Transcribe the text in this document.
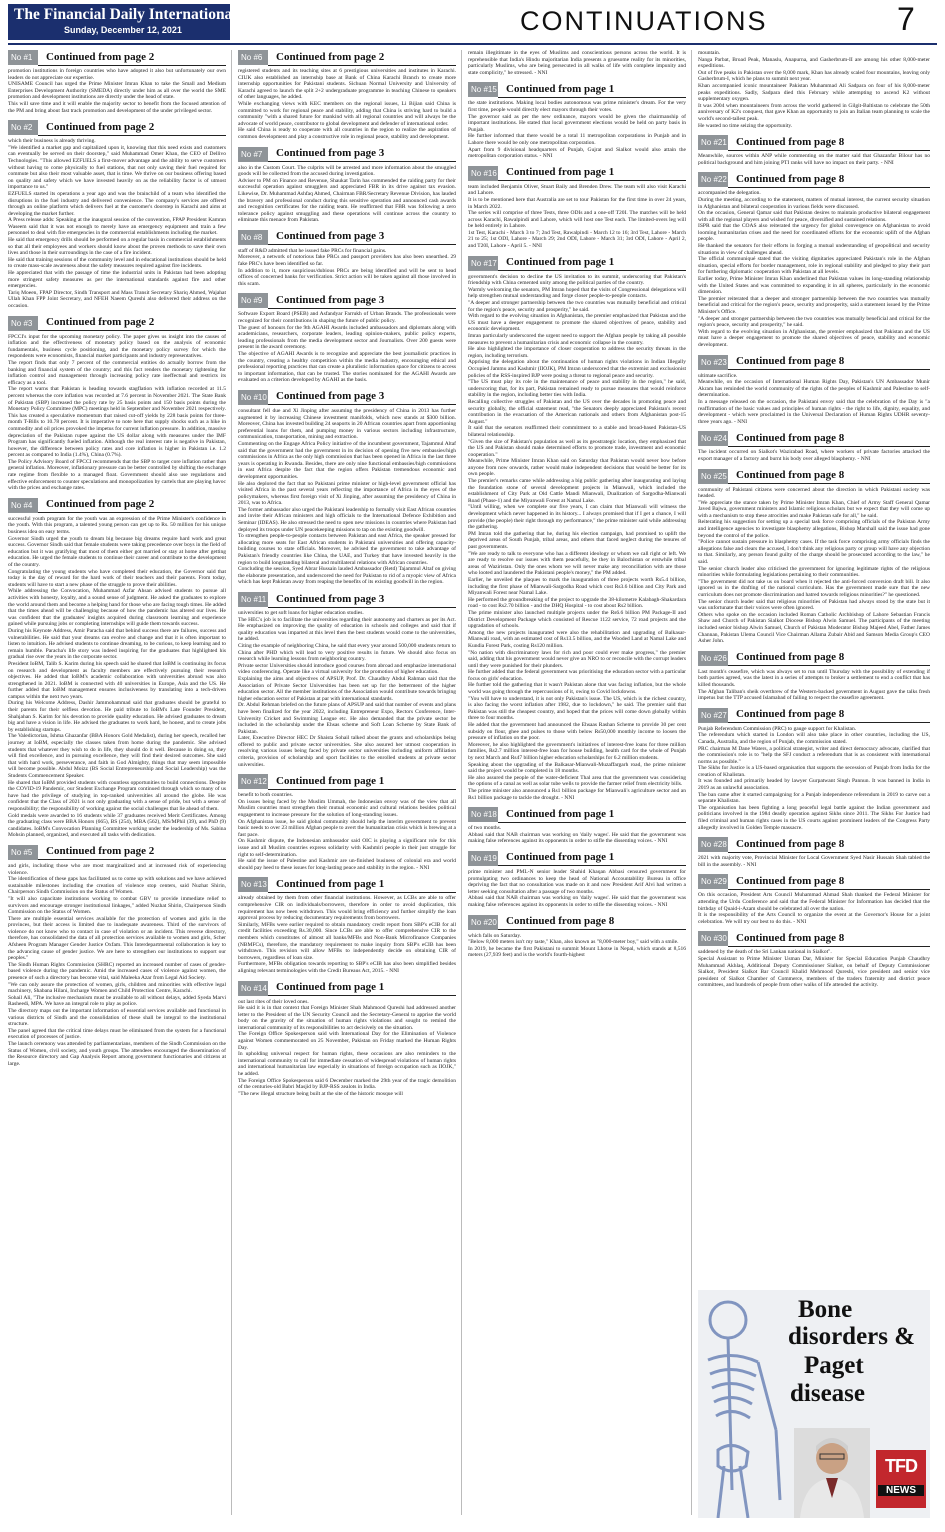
The Financial Daily International
Sunday, December 12, 2021	CONTINUATIONS	7
No #1	Continued from page 2
promotion institutions in foreign countries who have adopted it also but unfortunately our own leaders do not appreciate our expertise.
UNISAME Council has urged the Prime Minister Imran Khan to take the Small and Medium Enterprises Development Authority (SMEDA) directly under him as all over the world the SME promotion and development institutions are directly under the head of state.
This will save time and it will enable the majority sector to benefit from the focused attention of the PM and bring about fast track promotion and development of the under privileged sector.
No #2	Continued from page 2
which their business is already thriving.
"We identified a market gap and capitalized upon it, knowing that this need exists and customers can eventually be served on their doorstep," said Muhammad Omer Khan, the CEO of Dellivo Technologies. "This allowed EZFUELS a first-mover advantage and the ability to serve customers without having to come physically to fuel stations, that not only saving their fuel required for commute but also their most valuable asset, that is time. We thrive on our business offering based on quality and safety which we have invested heavily on as the reliability factor is of utmost importance to us."
EZFUELS started its operations a year ago and was the brainchild of a team who identified the disruptions in the fuel industry and delivered convenience. The company's services are offered through an online platform which delivers fuel at the customer's doorstep in Karachi and aims at developing the market further.
A Press release adds: Speaking at the inaugural session of the convention, FPAP President Kamran Waseem said that it was not enough to merely have an emergency equipment and train a few personnel to deal with fire emergencies in the commercial establishments including the market.
He said that emergency drills should be performed on a regular basis in commercial establishments so that all their employees and workers should know about the proven methods to save their own lives and those in their surroundings in the case of a fire incident.
He said that training sessions of the community level and in educational institutions should be held to create mass-scale awareness about the safety measures required against fire incidents.
He appreciated that with the passage of time the industrial units in Pakistan had been adopting more stringent safety measures as per the international standards against fire and other emergencies.
Tariq Moeen, FPAP Director, Sindh Transport and Mass Transit Secretary Shariq Ahmed, Wajahat Ullah Khan FPP Joint Secretary, and NFEH Naeem Qureshi also delivered their address on the occasion.
No #3	Continued from page 2
FPCCI's input for the upcoming monetary policy. The paper gives us insight into the causes of inflation and the effectiveness of monetary policy based on the analysis of economic fundamentals, business cycle positioning, and the monetary policy survey for which the respondents were economists, financial market participants and industry representatives.
The report finds that only 7 percent of the commercial entities do actually borrow from the banking and financial system of the country; and this fact renders the monetary tightening for inflation control and management through increasing policy rate ineffectual and restricts its efficacy as a tool.
The report warns that Pakistan is heading towards stagflation with inflation recorded at 11.5 percent whereas the core inflation was recorded at 7.6 percent in November 2021. The State Bank of Pakistan (SBP) increased the policy rate by 25 basis points and 150 basis points during the Monetary Policy Committee (MPC) meetings held in September and November 2021 respectively. This has created a speculative momentum that raised cut-off yields by 228 basis points for three-month T-Bills to 10.78 percent. It is imperative to note here that supply shocks such as a hike in commodity and oil prices provoked the impetus for current inflation pressure. In addition, massive depreciation of the Pakistan rupee against the US dollar along with measures under the IMF Program has significantly fueled inflation. Although the real interest rate is negative in Pakistan, however, the difference between policy rates and core inflation is higher in Pakistan i.e. 1.2 percent as compared to India (1.4%), China (0.7%).
The Policy Advisory Board of FPCCI recommends that the SBP to target core inflation rather than general inflation. Moreover, inflationary pressure can be better controlled by shifting the exchange rate regime from flexible to a managed float. Government should also use regulations and effective enforcement to counter speculations and monopolization by cartels that are playing havoc with the prices and exchange rates.
No #4	Continued from page 2
successful youth program for the youth was an expression of the Prime Minister's confidence in the youth. With this program, a talented young person can get up to Rs. 50 million for his unique business idea on easy terms.
Governor Sindh urged the youth to dream big because big dreams require hard work and great success. Governor Sindh said that female students were taking precedence over boys in the field of education but it was gratifying that most of them either got married or stay at home after getting education. He urged the female students to continue their career and contribute to the development of the country.
Congratulating the young students who have completed their education, the Governor said that today is the day of reward for the hard work of their teachers and their parents. From today, students will have to start a new phase of the struggle to prove their abilities.
While addressing the Convocation, Muhammad Azfar Ahsan advised students to pursue all activities with honesty, loyalty, and a sound sense of judgment. He asked the graduates to explore the world around them and become a helping hand for those who are facing tough times. He added that the times ahead will be challenging because of how the pandemic has altered our lives. He was confident that the graduates' insights acquired during classroom learning and experience gained while pursuing jobs or completing internships will guide them towards success.
During his Keynote Address, Amir Paracha said that behind success there are failures, success and vulnerabilities. He said that your dreams can evolve and change and that it is often important to listen to intuition. He advised students to continue dreaming, to be curious, to keep learning and to remain humble. Paracha's life story was indeed inspiring for the graduates that highlighted his gradual rise over the years in the corporate sector.
President IoBM, Talib S. Karim during his speech said he shared that IoBM is continuing its focus on research and development as faculty members are effectively pursuing their research objectives. He added that IoBM's academic collaboration with universities abroad was also strengthened in 2021. IoBM is connected with 40 universities in Europe, Asia and the US. He further added that IoBM management ensures inclusiveness by translating into a tech-driven campus within the next two years.
During his Welcome Address, Dashir Jammohammad said that graduates should be grateful to their parents for their selfless devotion. He paid tribute to IoBM's Late Founder President, Shahjahan S. Karim for his devotion to provide quality education. He advised graduates to dream big and have a vision in life. He advised the graduates to work hard, be honest, and to create jobs by establishing startups.
The Valedictorian, Ishma Ghazanfar (BBA Honors Gold Medalist), during her speech, recalled her journey at IoBM, especially the classes taken from home during the pandemic. She advised students that whatever they wish to do in life, they should do it well. Because in doing so, they will find excellence, and in pursuing excellence, they will find their desired outcomes. She said that with hard work, perseverance, and faith in God Almighty, things that may seem impossible will become possible. Abdul Moizz (BS Social Entrepreneurship and Social Leadership) was the Students Commencement Speaker.
He shared that IoBM provided students with countless opportunities to build connections. Despite the COVID-19 Pandemic, our Student Exchange Program continued through which so many of us have had the privilege of studying in top-ranked universities all around the globe. He was confident that the Class of 2021 is not only graduating with a sense of pride, but with a sense of responsibility; the responsibility of working against the social challenges that lie ahead of them.
Gold medals were awarded to 16 students while 37 graduates received Merit Certificates. Among the graduating class were BBA Honors (665), BS (254), MBA (562), MS/MPhil (39), and PhD (9) candidates. IoBM's Convocation Planning Committee working under the leadership of Ms. Sabina Mohsin planned, organized, and executed all tasks with dedication.
No #5	Continued from page 2
and girls, including those who are most marginalized and at increased risk of experiencing violence.
The identification of these gaps has facilitated us to come up with solutions and we have achieved sustainable milestones including the creation of violence stop centers, said Nuzhat Shirin, Chairperson Sindh Commission on the Status of Women.
"It will also capacitate institutions working to combat GBV to provide immediate relief to survivors and encourage stronger institutional linkages," added Nuzhat Shirin, Chairperson Sindh Commission on the Status of Women.
There are multiple essential services available for the protection of women and girls in the provinces, but their access is limited due to inadequate awareness. Third of the survivors of violence do not know who to contact in case of violation or an incident. This reverse directory, therefore, has consolidated the data of all protection services available to women and girls, Scher Afsheen Program Manager Gender Justice Oxfam. This Interdepartmental collaboration is key to the advancing cause of gender justice. We are here to strengthen our institutions to support our peoples."
The Sindh Human Rights Commission (SHRC) reported an increased number of cases of gender-based violence during the pandemic. Amid the increased cases of violence against women, the presence of such a directory has become vital, said Maleeka Azar from Legal Aid Society.
"We can only assure the protection of women, girls, children and minorities with effective legal machinery, Shabana Hilani, Incharge Women and Child Protection Centre, Karachi.
Sohail Ali, "The inclusive mechanism must be available to all without delays, added Syeda Marvi Rasheedi, MPA. We have an integral role to play as police.
The directory maps out the important information of essential services available and functional in various districts of Sindh and the consolidation of these shall be integral to the institutional structure.
The panel agreed that the critical time delays must be eliminated from the system for a functional execution of processes of justice.
The launch ceremony was attended by parliamentarians, members of the Sindh Commission on the Status of Women, civil society, and youth groups. The attendees encouraged the dissemination of the Resource directory and Gap Analysis Report among government functionaries and citizens at large.
No #6	Continued from page 2
registered students and its teaching sites at 6 prestigious universities and institutes in Karachi. CIUK also established an internship base at Bank of China Karachi Branch to create more internship opportunities for Pakistani students. Sichuan Normal University and University of Karachi agreed to launch the split 2+2 undergraduate programme in teaching Chinese to speakers of other languages, he added.
While exchanging views with KEC members on the regional issues, Li Bijian said China is committed to work for regional peace and stability, adding that China is striving hard to build a community "with a shared future for mankind with all regional countries and will always be the advocate of world peace, contributor to global development and defender of international order.
He said China is ready to cooperate with all countries in the region to realize the aspiration of common development and play a constructive role in regional peace, stability and development.
No #7	Continued from page 3
also in the Custom Court. The culprits will be arrested and more information about the smuggled goods will be collected from the accused during investigation.
Adviser to PM on Finance and Revenue, Shaukat Tarin has commended the raiding party for their successful operation against smugglers and appreciated FBR in its drive against tax evasion. Likewise, Dr. Muhammad Ashfaq Ahmed, Chairman FBR/Secretary Revenue Division, has lauded the bravery and professional conduct during this sensitive operation and announced cash awards and recognition certificates for the raiding team. He reaffirmed that FBR was following a zero tolerance policy against smuggling and these operations will continue across the country to eliminate this menace from Pakistan.
No #8	Continued from page 3
staff of R&D admitted that he issued fake PRCs for financial gains.
Moreover, a network of notorious fake PRCs and passport providers has also been unearthed. 29 fake PRC's have been identified so far.
In addition to it, more suspicious/dubious PRCs are being identified and will be sent to head offices of concerned banks for verification. Strict action will be taken against all those involved in this scam.
No #9	Continued from page 3
Software Export Board (PSEB) and Asfandyar Farrukh of Urban Brands. The professionals were recognized for their contributions in shaping the future of public policy.
The guest of honours for the 9th AGAHI Awards included ambassadors and diplomats along with academicians, researchers, corporate leaders, leading opinion-makers, public policy experts, leading professionals from the media development sector and Journalists. Over 200 guests were present in the award ceremony.
The objective of AGAHI Awards is to recognize and appreciate the best journalistic practices in the country, creating a healthy competition within the media industry, encouraging ethical and professional reporting practices that can create a pluralistic information space for citizens to access to important information, that can be trusted. The stories nominated for the AGAHI Awards are evaluated on a criterion developed by AGAHI as the basis.
No #10 Continued from page 3
consultant fell due and Xi Jinping after assuming the presidency of China in 2013 has further augmented it by increasing Chinese investment manifolds, which now stands at $300 billion. Moreover, China has invested building 24 seaports in 20 African countries apart from apportioning preferential loans for them, and pumping money in various sectors including infrastructure, communication, transportation, mining and extraction.
Commenting on the Engage Africa Policy initiative of the incumbent government, Tajammul Altaf said that the government had the government in its decision of opening five new embassies/high commissions in Africa as the only high commission that has been opened in Africa in the last three years is operating in Rwanda. Besides, there are only nine functional embassies/high commissions in east Africa despite the fact that the region offers Pakistan tremendous economic and development opportunities.
He also deplored the fact that no Pakistani prime minister or high-level government official has visited Africa in the past several years reflecting the importance of Africa in the eyes of the policymakers, whereas first foreign visit of Xi Jinping, after assuming the presidency of China in 2013, was to Africa.
The former ambassador also urged the Pakistani leadership to formally visit East African countries and invite their African ministers and high officials to the International Defence Exhibition and Seminar (IDEAS). He also stressed the need to open new missions in countries where Pakistan had deployed its troops under UN peacekeeping missions to tap on the existing goodwill.
To strengthen people-to-people contacts between Pakistan and east Africa, the speaker pressed for allocating more seats for East African students in Pakistani universities and offering capacity-building courses to state officials. Moreover, he advised the government to take advantage of Pakistan's friendly countries like China, the UAE, and Turkey that have invested heavily in the region to build longstanding bilateral and multilateral relations with African countries.
Concluding the session, Syed Abrar Hussain lauded Ambassador (Retd) Tajammul Altaf on giving the elaborate presentation, and underscored the need for Pakistan to rid of a myopic view of Africa which has kept Pakistan away from reaping the benefits of its existing goodwill in the region.
No #11 Continued from page 3
universities to get soft loans for higher education studies.
The HEC's job is to facilitate the universities regarding their autonomy and charters as per its Act. He emphasized on improving the quality of education in schools and colleges and said that if quality education was imparted at this level then the best students would come to the universities, he added.
Citing the example of neighboring China, he said that every year around 500,000 students return to China after PHD which will lead to very positive results in future. We should also focus on research while learning lessons from neighboring country.
Private sector Universities should introduce good courses from abroad and emphasize international video conferencing. Operate like a virtual university for the promotion of higher education.
Explaining the aims and objectives of APSUP, Prof. Dr. Chaudhry Abdul Rahman said that the Association of Private Sector Universities has been set up for the betterment of the higher education sector. All the member institutions of the Association would contribute towards bringing higher education sector of Pakistan at par with international standards.
Dr. Abdul Rehman briefed on the future plans of APSUP and said that number of events and plans have been finalized for the year 2022, including Entrepreneur Expo, Rectors Conference, Inter-University Cricket and Swimming League etc. He also demanded that the private sector be included in the scholarship under the Ehsas scheme and Soft Loan Scheme by State Bank of Pakistan.
Later, Executive Director HEC Dr Shaista Sohail talked about the grants and scholarships being offered to public and private sector universities. She also assured her utmost cooperation in resolving various issues being faced by private sector universities including uniform affiliation criteria, provision of scholarship and sport facilities to the enrolled students at private sector universities.
No #12 Continued from page 1
benefit to both countries.
On issues being faced by the Muslim Ummah, the Indonesian envoy was of the view that all Muslim countries must strengthen their mutual economic and cultural relations besides political engagement to increase pressure for the solution of long-standing issues.
On Afghanistan issue, he said global community should help the interim government to prevent basic needs to over 23 million Afghan people to avert the humanitarian crisis which is brewing at a fast pace.
On Kashmir dispute, the Indonesian ambassador said OIC is playing a significant role for this issue and all Muslim countries express solidarity with Kashmiri people in their just struggle for right to self-determination.
He said the issue of Palestine and Kashmir are un-finished business of colonial era and world should pay heed to these issues for long-lasting peace and stability in the region. - NNI
No #13 Continued from page 1
already obtained by them from other financial institutions. However, as LCBs are able to offer comprehensive CIR on individuals/borrowers, therefore in order to avoid duplication, this requirement has now been withdrawn. This would bring efficiency and further simplify the loan approval process by reducing documentary requirements from borrowers.
Similarly, MFBs were earlier required to obtain mandatory credit report from SBP's eCIB for all credit facilities exceeding Rs.30,000. Since LCBs are able to offer comprehensive CIR to the members which constitutes of almost all banks/MFBs and Non-Bank Microfinance Companies (NBMFCs), therefore, the mandatory requirement to make inquiry from SBP's eCIB has been withdrawn. This revision will allow MFBs to independently decide on obtaining CIR of borrowers, regardless of loan size.
Furthermore, MFBs obligation towards reporting to SBP's eCIB has also been simplified besides aligning relevant terminologies with the Credit Bureaus Act, 2015. - NNI
No #14 Continued from page 1
out last rites of their loved ones.
He said it is in that context that Foreign Minister Shah Mahmood Qureshi had addressed another letter to the President of the UN Security Council and the Secretary-General to apprise the world body on the gravity of the situation of human rights violations and sought to remind the international community of its responsibilities to act decisively on the situation.
The Foreign Office Spokesperson said with International Day for the Elimination of Violence against Women commemorated on 25 November, Pakistan on Friday marked the Human Rights Day.
In upholding universal respect for human rights, these occasions are also reminders to the international community to call for immediate cessation of widespread violations of human rights and international humanitarian law especially in situations of foreign occupation such as IIOJK," he added.
The Foreign Office Spokesperson said 6 December marked the 29th year of the tragic demolition of the centuries-old Babri Masjid by BJP-RSS zealots in India.
"The new illegal structure being built at the site of the historic mosque will
remain illegitimate in the eyes of Muslims and conscientious persons across the world. It is reprehensible that India's Hindu majoritarian India presents a gruesome reality for its minorities, particularly Muslims, who are being persecuted in all walks of life with complete impunity and state complicity," he stressed. - NNI
No #15 Continued from page 1
the state institutions. Making local bodies autonomous was prime minister's dream. For the very first time, people would directly elect mayors through their votes.
The governor said as per the new ordinance, mayors would be given the chairmanship of important institutions. He stated that local government elections would be held on party basis in Punjab.
He further informed that there would be a total 11 metropolitan corporations in Punjab and in Lahore there would be only one metropolitan corporation.
Apart from 9 divisional headquarters of Punjab, Gujrat and Sialkot would also attain the metropolitan corporation status. - NNI
No #16 Continued from page 1
team included Benjamin Oliver, Stuart Baily and Brenden Drew. The team will also visit Karachi and Lahore.
It is to be mentioned here that Australia are set to tour Pakistan for the first time in over 24 years, in March 2022.
The series will comprise of three Tests, three ODIs and a one-off T20I. The matches will be held across Karachi, Rawalpindi and Lahore, which will host one Test each. The limited-overs leg will be held entirely in Lahore.
1st Test, Karachi - March 3 to 7; 2nd Test, Rawalpindi - March 12 to 16; 3rd Test, Lahore - March 21 to 25; 1st ODI, Lahore - March 29; 2nd ODI, Lahore - March 31; 3rd ODI, Lahore - April 2, and T20I, Lahore - April 5. - NNI
No #17 Continued from page 1
government's decision to decline the US invitation to its summit, underscoring that Pakistan's friendship with China cemented unity among the political parties of the country.
Warmly welcoming the senators, PM Imran hoped that the visits of Congressional delegations will help strengthen mutual understanding and forge closer people-to-people contacts.
"A deeper and stronger partnership between the two countries was mutually beneficial and critical for the region's peace, security and prosperity," he said.
With regard to the evolving situation in Afghanistan, the premier emphasized that Pakistan and the US must have a deeper engagement to promote the shared objectives of peace, stability and economic development.
Imran particularly underscored the urgent need to support the Afghan people by taking all possible measures to prevent a humanitarian crisis and economic collapse in the country.
He also highlighted the importance of closer cooperation to address the security threats in the region, including terrorism.
Apprising the delegation about the continuation of human rights violations in Indian Illegally Occupied Jammu and Kashmir (IIOJK), PM Imran underscored that the extremist and exclusionist policies of the RSS-inspired BJP were posing a threat to regional peace and security.
"The US must play its role in the maintenance of peace and stability in the region," he said, underscoring that, for its part, Pakistan remained ready to pursue measures that would reinforce stability in the region, including better ties with India.
Recalling collective struggles of Pakistan and the US over the decades in promoting peace and security globally, the official statement read, "the Senators deeply appreciated Pakistan's recent contribution in the evacuation of the American nationals and others from Afghanistan post-15 August."
It said that the senators reaffirmed their commitment to a stable and broad-based Pakistan-US bilateral relationship.
"Given the size of Pakistan's population as well as its geostrategic location, they emphasized that the US and Pakistan should make determined efforts to promote trade, investment and economic cooperation."
Meanwhile, Prime Minister Imran Khan said on Saturday that Pakistan would never bow before anyone from now onwards, rather would make independent decisions that would be better for its own people.
The premier's remarks came while addressing a big public gathering after inaugurating and laying the foundation stone of several development projects in Mianwali, which included the establishment of City Park at Old Cattle Mandi Mianwali, Dualization of Sargodha-Mianwali Road (Phase-1) and the Miyanwali Forest at Namal Lake.
"Until willing, when we complete our five years, I can claim that Mianwali will witness the development which never happened in its history... I always promised that if I get a chance, I will provide (the people) their right through my performance," the prime minister said while addressing the gathering.
PM Imran told the gathering that he, during his election campaign, had promised to uplift the deprived areas of South Punjab, tribal areas, and others that faced neglect during the tenures of past governments.
"We are ready to talk to everyone who has a different ideology or whom we call right or left. We are ready to resolve our issues with them peacefully, be they in Balochistan or erstwhile tribal areas of Waziristan. Only the ones whom we will never make any reconciliation with are those who looted and laundered the Pakistani people's money," the PM added.
Earlier, he unveiled the plaques to mark the inauguration of three projects worth Rs5.4 billion, including the first phase of Mianwali-Sargodha Road which cost Rs3.6 billion and City Park and Miyanwali Forest near Namal Lake.
He performed the groundbreaking of the project to upgrade the 38-kilometre Kalabagh-Shakardara road - to cost Rs2.70 billion - and the DHQ Hospital - to cost about Rs2 billion.
The prime minister also launched multiple projects under the Rs6.6 billion PM Package-II and District Development Package which consisted of Rescue 1122 service, 72 road projects and the upgradation of schools.
Among the new projects inaugurated were also the rehabilitation and upgrading of Balkasar-Mianwali road, with an estimated cost of Rs13.5 billion, and the Wooded Land at Namal Lake and Kundia Forest Park, costing Rs120 million.
"No nation with discriminatory laws for rich and poor could ever make progress," the premier said, adding that his government would never give an NRO to or reconcile with the corrupt leaders until they were punished for their plunders.
He further added that the federal government was prioritising the education sector with a particular focus on girls' education.
He further told the gathering that it wasn't Pakistan alone that was facing inflation, but the whole world was going through the repercussions of it, owing to Covid lockdowns.
"You will have to understand, it is not only Pakistan's issue. The US, which is the richest country, is also facing the worst inflation after 1982, due to lockdown," he said. The premier said that Pakistan was still the cheapest country, and hoped that the prices will come down globally within three to four months.
He added that the government had announced the Ehsaas Rashan Scheme to provide 30 per cent subsidy on flour, ghee and pulses to those with below Rs50,000 monthly income to loosen the pressure of inflation on the poor.
Moreover, he also highlighted the government's initiatives of interest-free loans for three million families, Rs2.7 million interest-free loan for house building, health card for the whole of Punjab by next March and Rs47 billion higher education scholarships for 6.2 million students.
Speaking about the upgrading of the Balkasar-Mianwali-Muzaffargarh road, the prime minister said the project would be completed in 18 months.
He also assured the people of the water-deficient Thal area that the government was considering the options of a canal as well as solar tube wells to provide the farmer relief from electricity bills.
The prime minister also announced a Rs1 billion package for Mianwali's agriculture sector and an Rs1 billion package to tackle the drought. - NNI
No #18 Continued from page 1
of two months.
Abbasi said that NAB chairman was working on 'daily wages'. He said that the government was making false references against its opponents in order to stifle the dissenting voices. - NNI
No #19 Continued from page 1
prime minister and PML-N senior leader Shahid Khaqan Abbasi censured government for promulgating two ordinances to keep the head of National Accountability Bureau in office depriving the fact that no consultation was made on it and now President Arif Alvi had written a letter seeking consultation after a passage of two months.
Abbasi said that NAB chairman was working on 'daily wages'. He said that the government was making false references against its opponents in order to stifle the dissenting voices. - NNI
No #20 Continued from page 8
which falls on Saturday.
"Below 8,000 meters isn't my taste," Khan, also known as "8,000-meter boy," said with a smile.
In 2019, he became the first Pakistani to summit Mount Lhotse in Nepal, which stands at 8,516 meters (27,939 feet) and is the world's fourth-highest
mountain.
Nanga Parbat, Broad Peak, Manaslu, Anapurna, and Gasherbrum-II are among his other 8,000-meter expeditions.
Out of five peaks in Pakistan over the 8,000 mark, Khan has already scaled four mountains, leaving only Gasherbrum-I, which he plans to summit next year.
Khan accompanied iconic mountaineer Pakistan Muhammad Ali Sadpara on four of his 8,000-meter peaks expeditions. Sadly, Sadpara died this February while attempting to ascend K2 without supplementary oxygen.
It was 2004 when mountaineers from across the world gathered in Gilgit-Baltistan to celebrate the 50th anniversary of K2's conquest, that gave Khan an opportunity to join an Italian team planning to scale the world's second-tallest peak.
He wasted no time seizing the opportunity.
No #21 Continued from page 8
Meanwhile, sources within ANP while commenting on the matter said that Ghazanfar Bilour has no political background and him joining PTI ranks will have no impact on their party. - NNI
No #22 Continued from page 8
accompanied the delegation.
During the meeting, according to the statement, matters of mutual interest, the current security situation in Afghanistan and bilateral cooperation in various fields were discussed.
On the occasion, General Qamar said that Pakistan desires to maintain productive bilateral engagement with all the regional players and wished for peace, diversified and sustained relations.
ISPR said that the COAS also reiterated the urgency for global convergence on Afghanistan to avoid looming humanitarian crises and the need for coordinated efforts for the economic uplift of the Afghan people.
He thanked the senators for their efforts in forging a mutual understanding of geopolitical and security situations in view of challenges ahead.
The official communiqué stated that the visiting dignitaries appreciated Pakistan's role in the Afghan situation, special efforts for border management, role in regional stability and pledged to play their part for furthering diplomatic cooperation with Pakistan at all levels.
Earlier today, Prime Minister Imran Khan underlined that Pakistan values its long-standing relationship with the United States and was committed to expanding it in all spheres, particularly in the economic dimension.
The premier reiterated that a deeper and stronger partnership between the two countries was mutually beneficial and critical for the region's peace, security and prosperity, said a statement issued by the Prime Minister's Office.
"A deeper and stronger partnership between the two countries was mutually beneficial and critical for the region's peace, security and prosperity," he said.
With regard to the evolving situation in Afghanistan, the premier emphasized that Pakistan and the US must have a deeper engagement to promote the shared objectives of peace, stability and economic development.
No #23 Continued from page 8
ultimate sacrifice.
Meanwhile, on the occasion of International Human Rights Day, Pakistan's UN Ambassador Munir Akram has reminded the world community of the rights of the peoples of Kashmir and Palestine to self-determination.
In a message released on the occasion, the Pakistani envoy said that the celebration of the Day is "a reaffirmation of the basic values and principles of human rights - the right to life, dignity, equality, and development - which were proclaimed in the Universal Declaration of Human Rights UDHR seventy-three years ago. - NNI
No #24 Continued from page 8
The incident occurred on Sialkot's Wazirabad Road, where workers of private factories attacked the export manager of a factory and burnt his body over alleged blasphemy. - NNI
No #25 Continued from page 8
community of Pakistani citizens were concerned about the direction in which Pakistani society was headed.
"We appreciate the stance taken by Prime Minister Imran Khan, Chief of Army Staff General Qamar Javed Bajwa, government ministers and Islamic religious scholars but we expect that they will come up with a mechanism to stop these atrocities and make Pakistan safe for all," he said.
Reiterating his suggestion for setting up a special task force comprising officials of the Pakistan Army and intelligence agencies to investigate blasphemy allegations, Bishop Marshall said the issue had gone beyond the control of the police.
"Police cannot sustain pressure in blasphemy cases. If the task force comprising army officials finds the allegations false and clears the accused, I don't think any religious party or group will have any objection to that. Similarly, any person found guilty of the charge should be prosecuted according to the law," he said.
The senior church leader also criticised the government for ignoring legitimate rights of the religious minorities while formulating legislations pertaining to their communities.
"The government did not take us on board when it rejected the anti-forced conversion draft bill. It also ignored us in the drafting of the national curriculum. Has the government made sure that the new curriculum does not promote discrimination and hatred towards religious minorities?" he questioned.
The senior church leader said that religious minorities of Pakistan had always stood by the state but it was unfortunate that their voices were often ignored.
Others who spoke on the occasion included Roman Catholic Archbishop of Lahore Sebastian Francis Shaw and Church of Pakistan Sialkot Diocese Bishop Alwin Samuel. The participants of the meeting included senior bishop Alwin Samuel, Church of Pakistan Moderator Bishop Majeed Abel, Father James Channan, Pakistan Ulema Council Vice Chairman Allama Zubair Abid and Samson Media Group's CEO Asher John.
No #26 Continued from page 8
Last month's ceasefire, which was always set to run until Thursday with the possibility of extending if both parties agreed, was the latest in a series of attempts to broker a settlement to end a conflict that has killed thousands.
The Afghan Taliban's sheik overthrew of the Western-backed government in August gave the talks fresh impetus but the TTP accused Islamabad of failing to respect the ceasefire agreement.
No #27 Continued from page 8
Punjab Referendum Commission (PRC) to gauge support for Khalistan.
The referendum which started in London will also take place in other countries, including the US, Canada, Australia, and the region of Punjab, the commission stated.
PRC chairman M Dane Waters, a political strategist, writer and direct democracy advocate, clarified that the commission's role is to "help the SFJ conduct a referendum that is as consistent with international norms as possible."
The Sikhs for Justice is a US-based organisation that supports the secession of Punjab from India for the creation of Khalistan.
It was founded and primarily headed by lawyer Gurpatwant Singh Pannun. It was banned in India in 2019 as an unlawful association.
The ban came after it started campaigning for a Punjab independence referendum in 2019 to carve out a separate Khalistan.
The organisation has been fighting a long peaceful legal battle against the Indian government and politicians involved in the 1984 deadly operation against Sikhs since 2011. The Sikhs For Justice had filed criminal and human rights cases in the US courts against prominent leaders of the Congress Party allegedly involved in Golden Temple massacre.
No #28 Continued from page 8
2021 with majority vote, Provincial Minister for Local Government Syed Nasir Hussain Shah tabled the bill in the assembly. - NNI
No #29 Continued from page 8
On this occasion, President Arts Council Muhammad Ahmad Shah thanked the Federal Minister for attending the Urdu Conference and said that the Federal Minister for Information has decided that the birthday of Quaid-i-Azam should be celebrated all over the nation.
It is the responsibility of the Arts Council to organize the event at the Governor's House for a joint celebration. We will try our best to do this. - NNI
No #30 Continued from page 8
saddened by the death of the Sri Lankan national in Sialkot".
Special Assistant to Prime Minister Usman Dar, Minister for Special Education Punjab Chaudhry Muhammad Akhlaq, Additional Deputy Commissioner Sialkot, on behalf of Deputy Commissioner Sialkot, President Sialkot Bar Council Khalid Mehmood Qureshi, vice president and senior vice president of Sialkot Chamber of Commerce, members of the traders fraternity and district peace committees, and hundreds of people from other walks of life attended the activity.
Bone
disorders &
Paget
disease
TFD
NEWS
